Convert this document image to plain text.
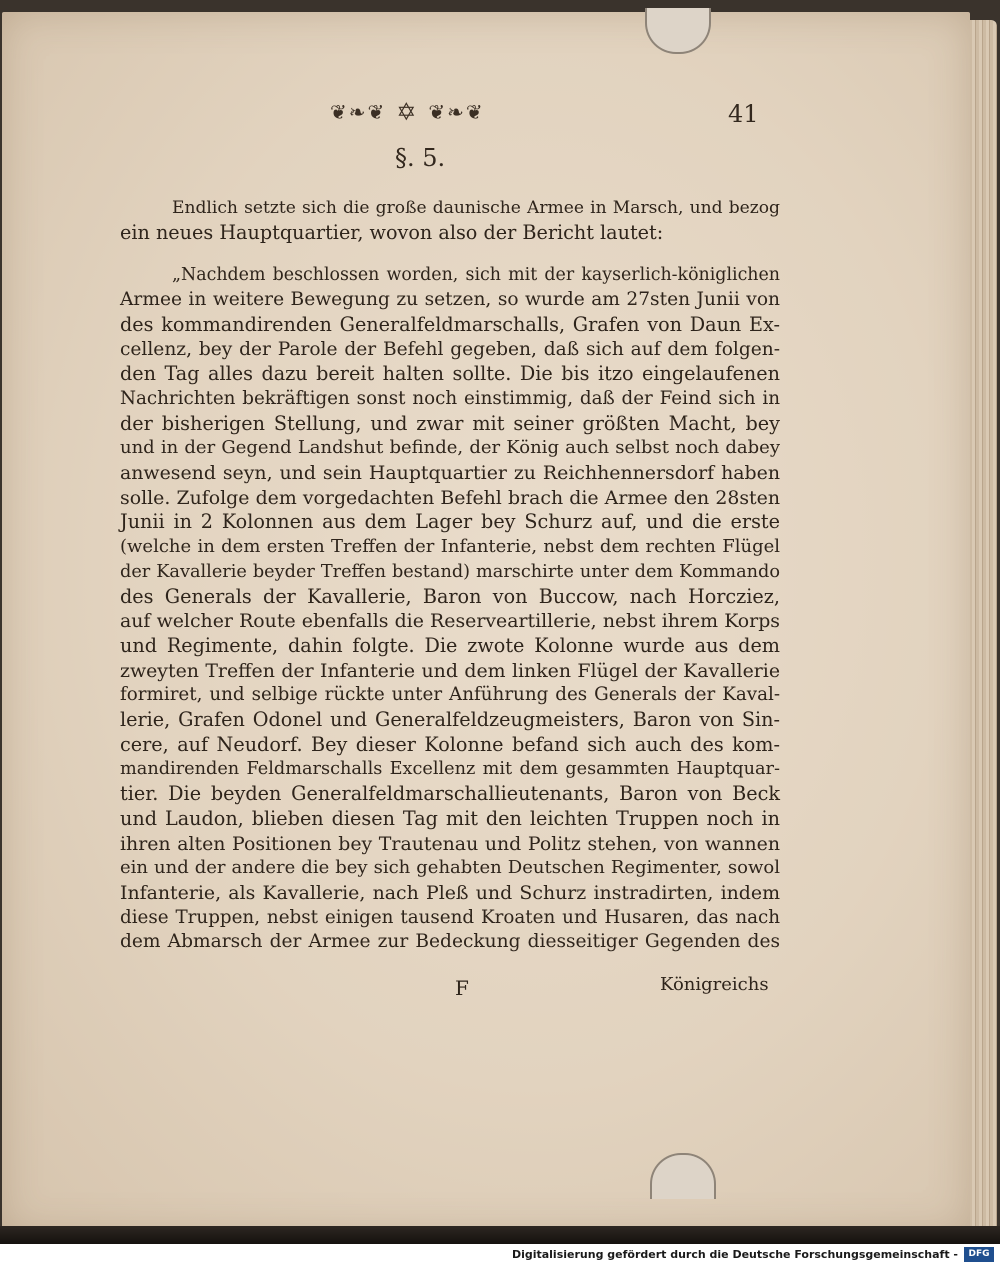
❦❧❦ ✡ ❦❧❦	41
§. 5.
Endlich setzte sich die große daunische Armee in Marsch, und bezog
ein neues Hauptquartier, wovon also der Bericht lautet:
„Nachdem beschlossen worden, sich mit der kayserlich-königlichen
Armee in weitere Bewegung zu setzen, so wurde am 27sten Junii von
des kommandirenden Generalfeldmarschalls, Grafen von Daun Ex-
cellenz, bey der Parole der Befehl gegeben, daß sich auf dem folgen-
den Tag alles dazu bereit halten sollte. Die bis itzo eingelaufenen
Nachrichten bekräftigen sonst noch einstimmig, daß der Feind sich in
der bisherigen Stellung, und zwar mit seiner größten Macht, bey
und in der Gegend Landshut befinde, der König auch selbst noch dabey
anwesend seyn, und sein Hauptquartier zu Reichhennersdorf haben
solle. Zufolge dem vorgedachten Befehl brach die Armee den 28sten
Junii in 2 Kolonnen aus dem Lager bey Schurz auf, und die erste
(welche in dem ersten Treffen der Infanterie, nebst dem rechten Flügel
der Kavallerie beyder Treffen bestand) marschirte unter dem Kommando
des Generals der Kavallerie, Baron von Buccow, nach Horcziez,
auf welcher Route ebenfalls die Reserveartillerie, nebst ihrem Korps
und Regimente, dahin folgte. Die zwote Kolonne wurde aus dem
zweyten Treffen der Infanterie und dem linken Flügel der Kavallerie
formiret, und selbige rückte unter Anführung des Generals der Kaval-
lerie, Grafen Odonel und Generalfeldzeugmeisters, Baron von Sin-
cere, auf Neudorf. Bey dieser Kolonne befand sich auch des kom-
mandirenden Feldmarschalls Excellenz mit dem gesammten Hauptquar-
tier. Die beyden Generalfeldmarschallieutenants, Baron von Beck
und Laudon, blieben diesen Tag mit den leichten Truppen noch in
ihren alten Positionen bey Trautenau und Politz stehen, von wannen
ein und der andere die bey sich gehabten Deutschen Regimenter, sowol
Infanterie, als Kavallerie, nach Pleß und Schurz instradirten, indem
diese Truppen, nebst einigen tausend Kroaten und Husaren, das nach
dem Abmarsch der Armee zur Bedeckung diesseitiger Gegenden des
F	Königreichs
Digitalisierung gefördert durch die Deutsche Forschungsgemeinschaft -	DFG
